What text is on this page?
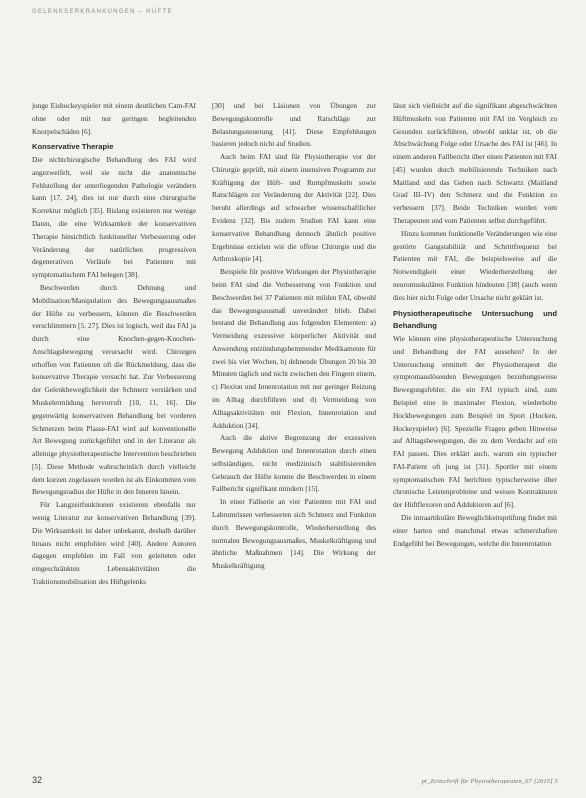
GELENKSERKRANKUNGEN – HÜFTE

junge Eishockeyspieler mit einem deutlichen Cam-FAI ohne oder mit nur geringen begleitenden Knorpelschäden [6].

Konservative Therapie

Die nichtchirurgische Behandlung des FAI wird angezweifelt, weil sie nicht die anatomische Fehlstellung der unterliegenden Pathologie verändern kann [17, 24], dies ist nur durch eine chirurgische Korrektur möglich [35]. Bislang existieren nur wenige Daten, die eine Wirksamkeit der konservativen Therapie hinsichtlich funktioneller Verbesserung oder Veränderung der natürlichen progressiven degenerativen Verläufe bei Patienten mit symptomatischem FAI belegen [38].

Beschwerden durch Dehnung und Mobilisation/Manipulation des Bewegungsausmaßes der Hüfte zu verbessern, können die Beschwerden verschlimmern [5, 27]. Dies ist logisch, weil das FAI ja durch eine Knochen-gegen-Knochen-Anschlagsbewegung verursacht wird. Chirurgen erhoffen von Patienten oft die Rückmeldung, dass die konservative Therapie versucht hat. Zur Verbesserung der Gelenkbeweglichkeit der Schmerz verstärken und Muskelermüdung hervorruft [10, 11, 16]. Die gegenwärtig konservativen Behandlung bei vorderen Schmerzen beim Plasse-FAI wird auf konventionelle Art Bewegung zurückgeführt und in der Literatur als alleinige physiotherapeutische Intervention beschrieben [5]. Diese Methode wahrscheinlich durch vielleicht dem kurzen zugelassen worden ist als Einkommen vom Bewegungsradius der Hüfte in den Inneren hinein.

Für Langzeitfunktionen existieren ebenfalls nur wenig Literatur zur konservativen Behandlung [39]. Die Wirksamkeit ist daher unbekannt, deshalb darüber hinaus nicht empfohlen wird [40]. Andere Autoren dagegen empfehlen im Fall von geleiteten oder eingeschränkten Lebensaktivitäten die Traktionsmobilisation des Hüftgelenks

[30] und bei Läsionen von Übungen zur Bewegungskontrolle und Ratschläge zur Belastungssteuerung [41]. Diese Empfehlungen basieren jedoch nicht auf Studien.

Auch beim FAI sind für Physiotherapie vor der Chirurgie geprüft, mit einem intensiven Programm zur Kräftigung der Hüft- und Rumpfmuskeln sowie Ratschlägen zur Veränderung der Aktivität [22]. Dies beruht allerdings auf schwacher wissenschaftlicher Evidenz [32]. Bis zudem Studien FAI kann eine konservative Behandlung dennoch ähnlich positive Ergebnisse erzielen wie die offene Chirurgie und die Arthroskopie [4].

Beispiele für positive Wirkungen der Physiotherapie beim FAI sind die Verbesserung von Funktion und Beschwerden bei 37 Patienten mit milden FAI, obwohl das Bewegungsausmaß unverändert blieb. Dabei bestand die Behandlung aus folgenden Elementen: a) Vermeidung exzessiver körperlicher Aktivität und Anwendung entzündungshemmender Medikamente für zwei bis vier Wochen, b) dehnende Übungen 20 bis 30 Minuten täglich und nicht zwischen den Fingern einem, c) Flexion und Innenrotation mit nur geringer Reizung im Alltag durchführen und d) Vermeidung von Alltagsaktivitäten mit Flexion, Innenrotation und Adduktion [34].

Auch die aktive Begrenzung der exzessiven Bewegung Adduktion und Innenrotation durch einen selbständigen, nicht medizinisch stabilisierenden Gebrauch der Hüfte konnte die Beschwerden in einem Fallbericht signifikant mindern [15].

In einer Fallserie an vier Patienten mit FAI und Labrumrissen verbesserten sich Schmerz und Funktion durch Bewegungskontrolle, Wiederherstellung des normalen Bewegungsausmaßes, Muskelkräftigung und ähnliche Maßnahmen [14]. Die Wirkung der Muskelkräftigung

lässt sich vielleicht auf die signifikant abgeschwächten Hüftmuskeln von Patienten mit FAI im Vergleich zu Gesunden zurückführen, obwohl unklar ist, ob die Abschwächung Folge oder Ursache des FAI ist [46]. In einem anderen Fallbericht über einen Patienten mit FAI [45] wurden durch mobilisierende Techniken nach Maitland und das Gehen nach Schwartz (Maitland Grad III–IV) den Schmerz und die Funktion zu verbessern [37]. Beide Techniken wurden vom Therapeuten und vom Patienten selbst durchgeführt.

Hinzu kommen funktionelle Veränderungen wie eine gestörte Gangstabilität und Schrittfrequenz bei Patienten mit FAI, die beispielsweise auf die Notwendigkeit einer Wiederherstellung der neuromuskulären Funktion hindeuten [38] (auch wenn dies hier nicht Folge oder Ursache nicht geklärt ist.

Physiotherapeutische Untersuchung und Behandlung

Wie können eine physiotherapeutische Untersuchung und Behandlung der FAI aussehen? In der Untersuchung ermittelt der Physiotherapeut die symptomauslösenden Bewegungen beziehungsweise Bewegungsfehler, die ein FAI typisch sind, zum Beispiel eine in maximaler Flexion, wiederholte Hockbewegungen zum Beispiel im Sport (Hocken, Hockeyspieler) [6]. Spezielle Fragen geben Hinweise auf Alltagsbewegungen, die zu dem Verdacht auf ein FAI passen. Dies erklärt auch, warum ein typischer FAI-Patient oft jung ist [31]. Sportler mit einem symptomatischen FAI berichten typischerweise über chronische Leistenprobleme und weisen Kontrakturen der Hüftflexoren und Adduktoren auf [6].

Die intraartikuläre Beweglichkeitsprüfung findet mit einer harten und manchmal etwas schmerzhaften Endgefühl bei Bewegungen, welche die Innenrotation

32	pt_Zeitschrift für Physiotherapeuten_67 [2015] 5
